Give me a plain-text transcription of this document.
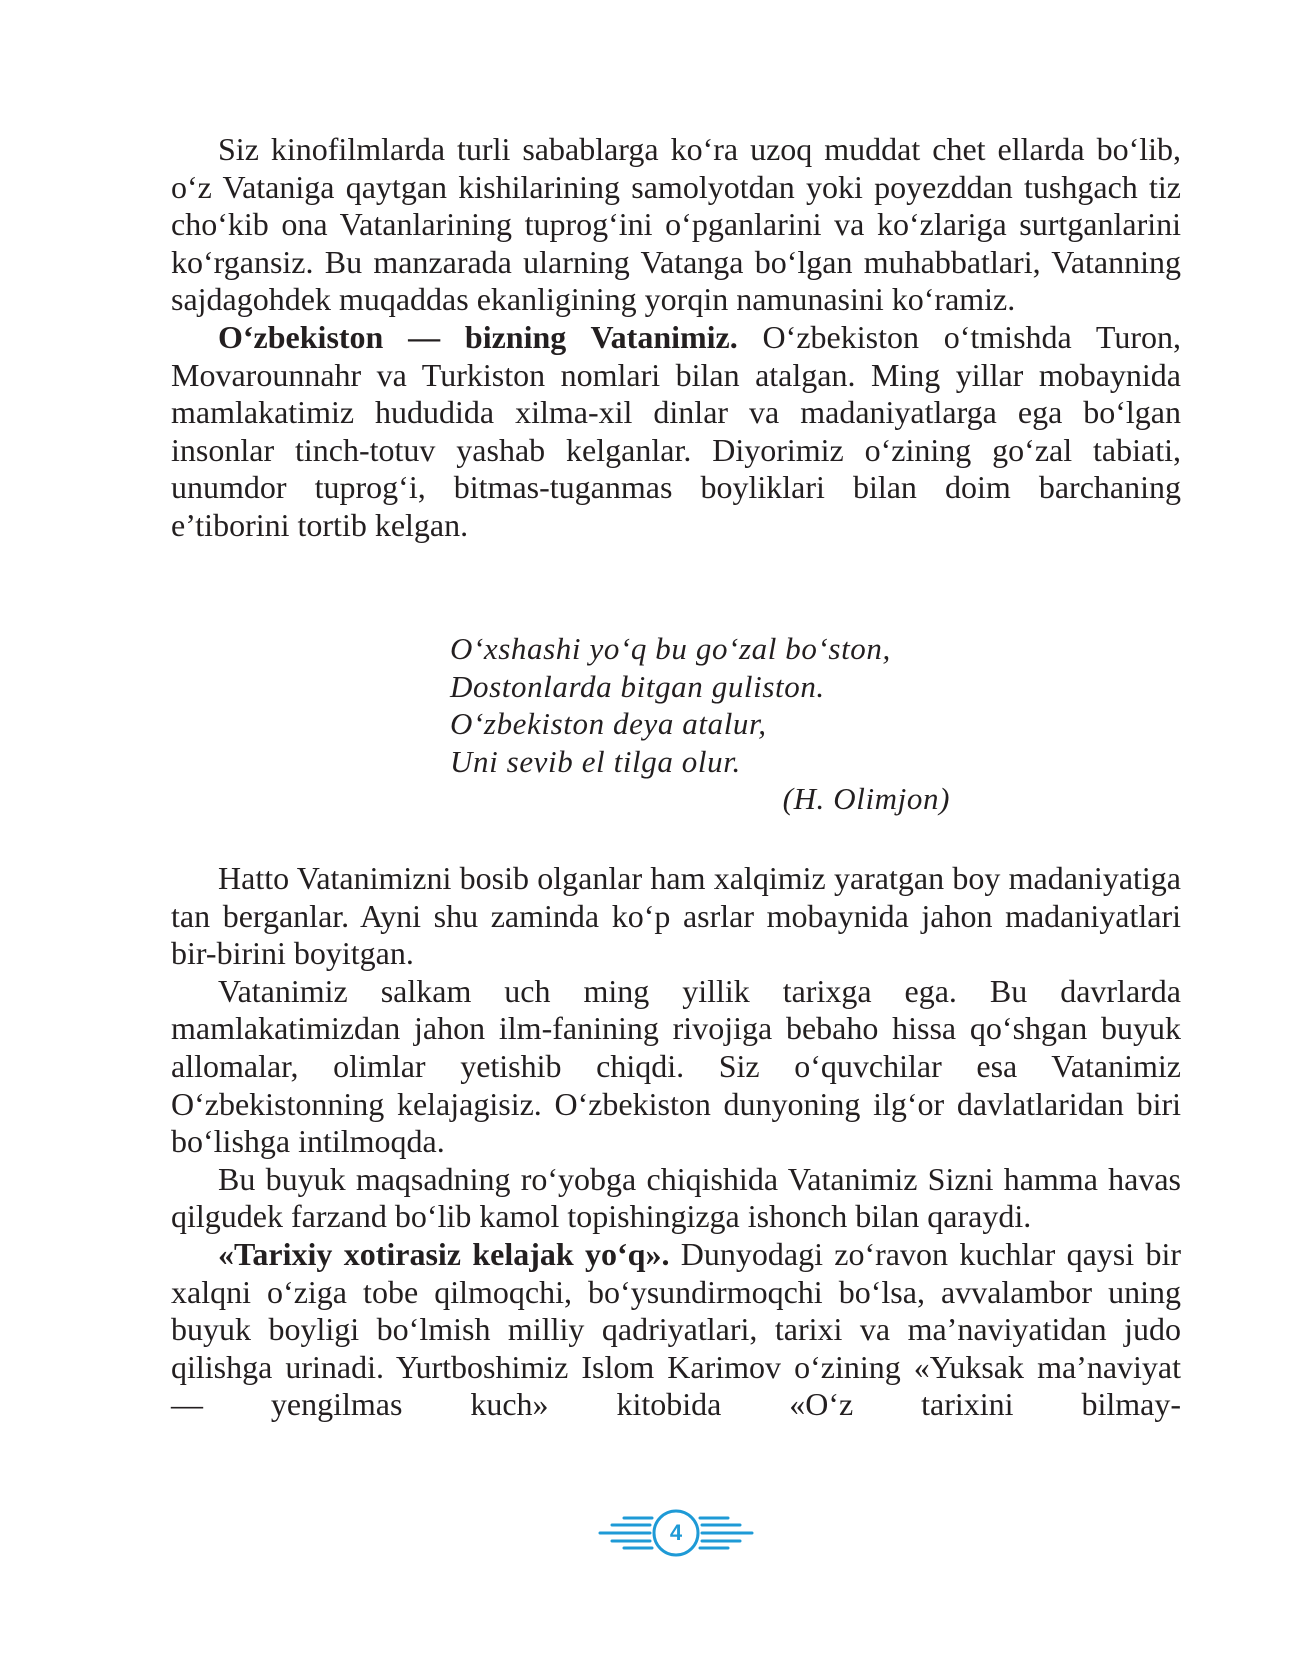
Siz kinofilmlarda turli sabablarga ko‘ra uzoq muddat chet ellarda bo‘lib, o‘z Vataniga qaytgan kishilarining samolyotdan yoki poyezddan tushgach tiz cho‘kib ona Vatanlarining tuprog‘ini o‘pganlarini va ko‘zlariga surtganlarini ko‘rgansiz. Bu manzarada ularning Vatanga bo‘lgan muhabbatlari, Vatanning sajdagohdek muqaddas ekanligining yorqin namunasini ko‘ramiz.

O‘zbekiston — bizning Vatanimiz. O‘zbekiston o‘tmishda Turon, Movarounnahr va Turkiston nomlari bilan atalgan. Ming yillar mobaynida mamlakatimiz hududida xilma-xil dinlar va madaniyatlarga ega bo‘lgan insonlar tinch-totuv yashab kelganlar. Diyorimiz o‘zining go‘zal tabiati, unumdor tuprog‘i, bitmas-tuganmas boyliklari bilan doim barchaning e’tiborini tortib kelgan.

O‘xshashi yo‘q bu go‘zal bo‘ston,
Dostonlarda bitgan guliston.
O‘zbekiston deya atalur,
Uni sevib el tilga olur.
(H. Olimjon)

Hatto Vatanimizni bosib olganlar ham xalqimiz yaratgan boy madaniyatiga tan berganlar. Ayni shu zaminda ko‘p asrlar mobaynida jahon madaniyatlari bir-birini boyitgan.

Vatanimiz salkam uch ming yillik tarixga ega. Bu davrlarda mamlakatimizdan jahon ilm-fanining rivojiga bebaho hissa qo‘shgan buyuk allomalar, olimlar yetishib chiqdi. Siz o‘quvchilar esa Vatanimiz O‘zbekistonning kelajagisiz. O‘zbekiston dunyoning ilg‘or davlatlaridan biri bo‘lishga intilmoqda.

Bu buyuk maqsadning ro‘yobga chiqishida Vatanimiz Sizni hamma havas qilgudek farzand bo‘lib kamol topishingizga ishonch bilan qaraydi.

«Tarixiy xotirasiz kelajak yo‘q». Dunyodagi zo‘ravon kuchlar qaysi bir xalqni o‘ziga tobe qilmoqchi, bo‘ysundirmoqchi bo‘lsa, avvalambor uning buyuk boyligi bo‘lmish milliy qadriyatlari, tarixi va ma’naviyatidan judo qilishga urinadi. Yurtboshimiz Islom Karimov o‘zining «Yuksak ma’naviyat — yengilmas kuch» kitobida «O‘z tarixini bilmay-

4
